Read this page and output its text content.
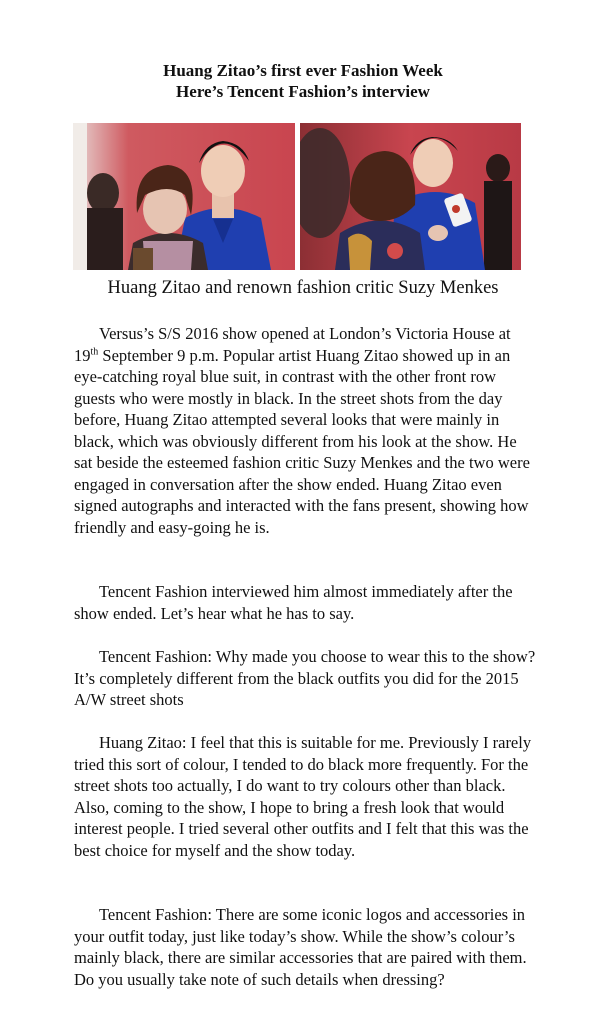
Huang Zitao’s first ever Fashion Week
Here’s Tencent Fashion’s interview
Huang Zitao and renown fashion critic Suzy Menkes

Versus’s S/S 2016 show opened at London’s Victoria House at 19th September 9 p.m. Popular artist Huang Zitao showed up in an eye-catching royal blue suit, in contrast with the other front row guests who were mostly in black. In the street shots from the day before, Huang Zitao attempted several looks that were mainly in black, which was obviously different from his look at the show. He sat beside the esteemed fashion critic Suzy Menkes and the two were engaged in conversation after the show ended. Huang Zitao even signed autographs and interacted with the fans present, showing how friendly and easy-going he is.

Tencent Fashion interviewed him almost immediately after the show ended. Let’s hear what he has to say.

Tencent Fashion: Why made you choose to wear this to the show? It’s completely different from the black outfits you did for the 2015 A/W street shots

Huang Zitao: I feel that this is suitable for me. Previously I rarely tried this sort of colour, I tended to do black more frequently. For the street shots too actually, I do want to try colours other than black. Also, coming to the show, I hope to bring a fresh look that would interest people. I tried several other outfits and I felt that this was the best choice for myself and the show today.

Tencent Fashion: There are some iconic logos and accessories in your outfit today, just like today’s show. While the show’s colour’s mainly black, there are similar accessories that are paired with them. Do you usually take note of such details when dressing?
